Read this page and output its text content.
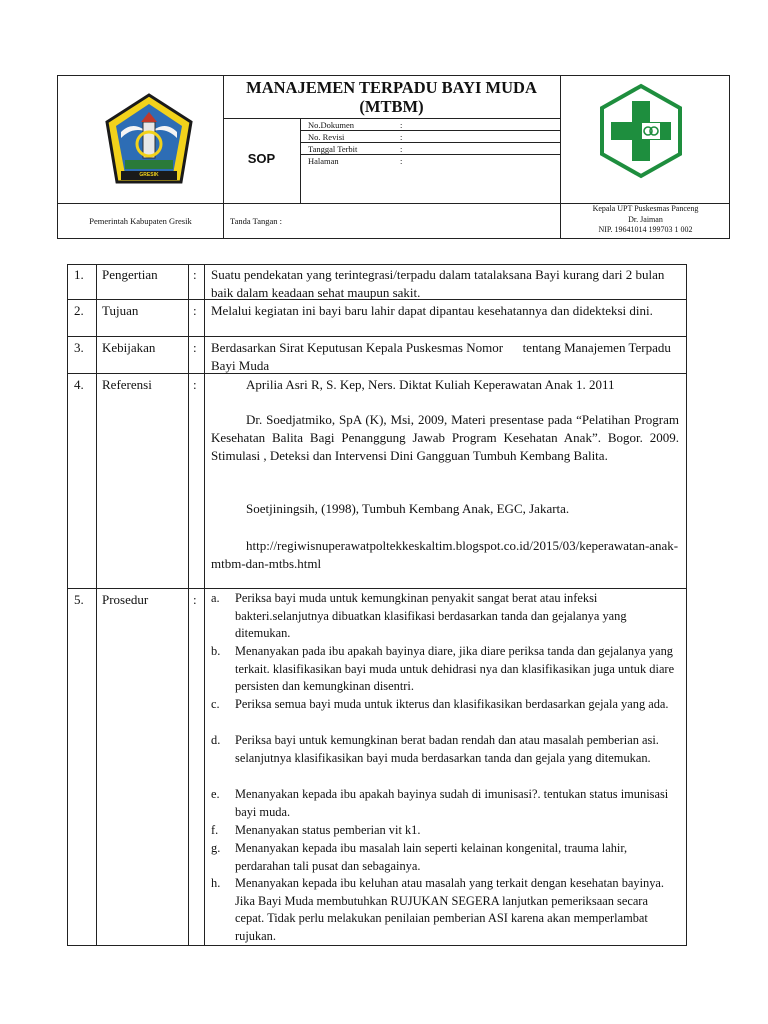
GRESIK
MANAJEMEN TERPADU BAYI MUDA (MTBM)
SOP
No.Dokumen	:
No. Revisi	:
Tanggal Terbit	:
Halaman	:
Pemerintah Kabupaten Gresik	Tanda Tangan :
Kepala UPT Puskesmas Panceng
Dr. Jaiman
NIP. 19641014 199703 1 002
1. Pengertian	: Suatu pendekatan yang terintegrasi/terpadu dalam tatalaksana Bayi kurang dari 2 bulan baik dalam keadaan sehat maupun sakit.
2. Tujuan	: Melalui kegiatan ini bayi baru lahir dapat dipantau kesehatannya dan didekteksi dini.
3. Kebijakan	: Berdasarkan Sirat Keputusan Kepala Puskesmas Nomor      tentang Manajemen Terpadu Bayi Muda
4. Referensi	:	Aprilia Asri R, S. Kep, Ners. Diktat Kuliah Keperawatan Anak 1. 2011
Dr. Soedjatmiko, SpA (K), Msi, 2009, Materi presentase pada “Pelatihan Program Kesehatan Balita Bagi Penanggung Jawab Program Kesehatan Anak”. Bogor. 2009. Stimulasi , Deteksi dan Intervensi Dini Gangguan Tumbuh Kembang Balita.
Soetjiningsih, (1998), Tumbuh Kembang Anak, EGC, Jakarta.
http://regiwisnuperawatpoltekkeskaltim.blogspot.co.id/2015/03/keperawatan-anak-mtbm-dan-mtbs.html
5. Prosedur	: a. Periksa bayi muda untuk kemungkinan penyakit sangat berat atau infeksi bakteri.selanjutnya dibuatkan klasifikasi berdasarkan tanda dan gejalanya yang ditemukan.
b. Menanyakan pada ibu apakah bayinya diare, jika diare periksa tanda dan gejalanya yang terkait. klasifikasikan bayi muda untuk dehidrasi nya dan klasifikasikan juga untuk diare persisten dan kemungkinan disentri.
c. Periksa semua bayi muda untuk ikterus dan klasifikasikan berdasarkan gejala yang ada.
d. Periksa bayi untuk kemungkinan berat badan rendah dan atau masalah pemberian asi. selanjutnya klasifikasikan bayi muda berdasarkan tanda dan gejala yang ditemukan.
e. Menanyakan kepada ibu apakah bayinya sudah di imunisasi?. tentukan status imunisasi bayi muda.
f. Menanyakan status pemberian vit k1.
g. Menanyakan kepada ibu masalah lain seperti kelainan kongenital, trauma lahir, perdarahan tali pusat dan sebagainya.
h. Menanyakan kepada ibu keluhan atau masalah yang terkait dengan kesehatan bayinya. Jika Bayi Muda membutuhkan RUJUKAN SEGERA lanjutkan pemeriksaan secara cepat. Tidak perlu melakukan penilaian pemberian ASI karena akan memperlambat rujukan.
